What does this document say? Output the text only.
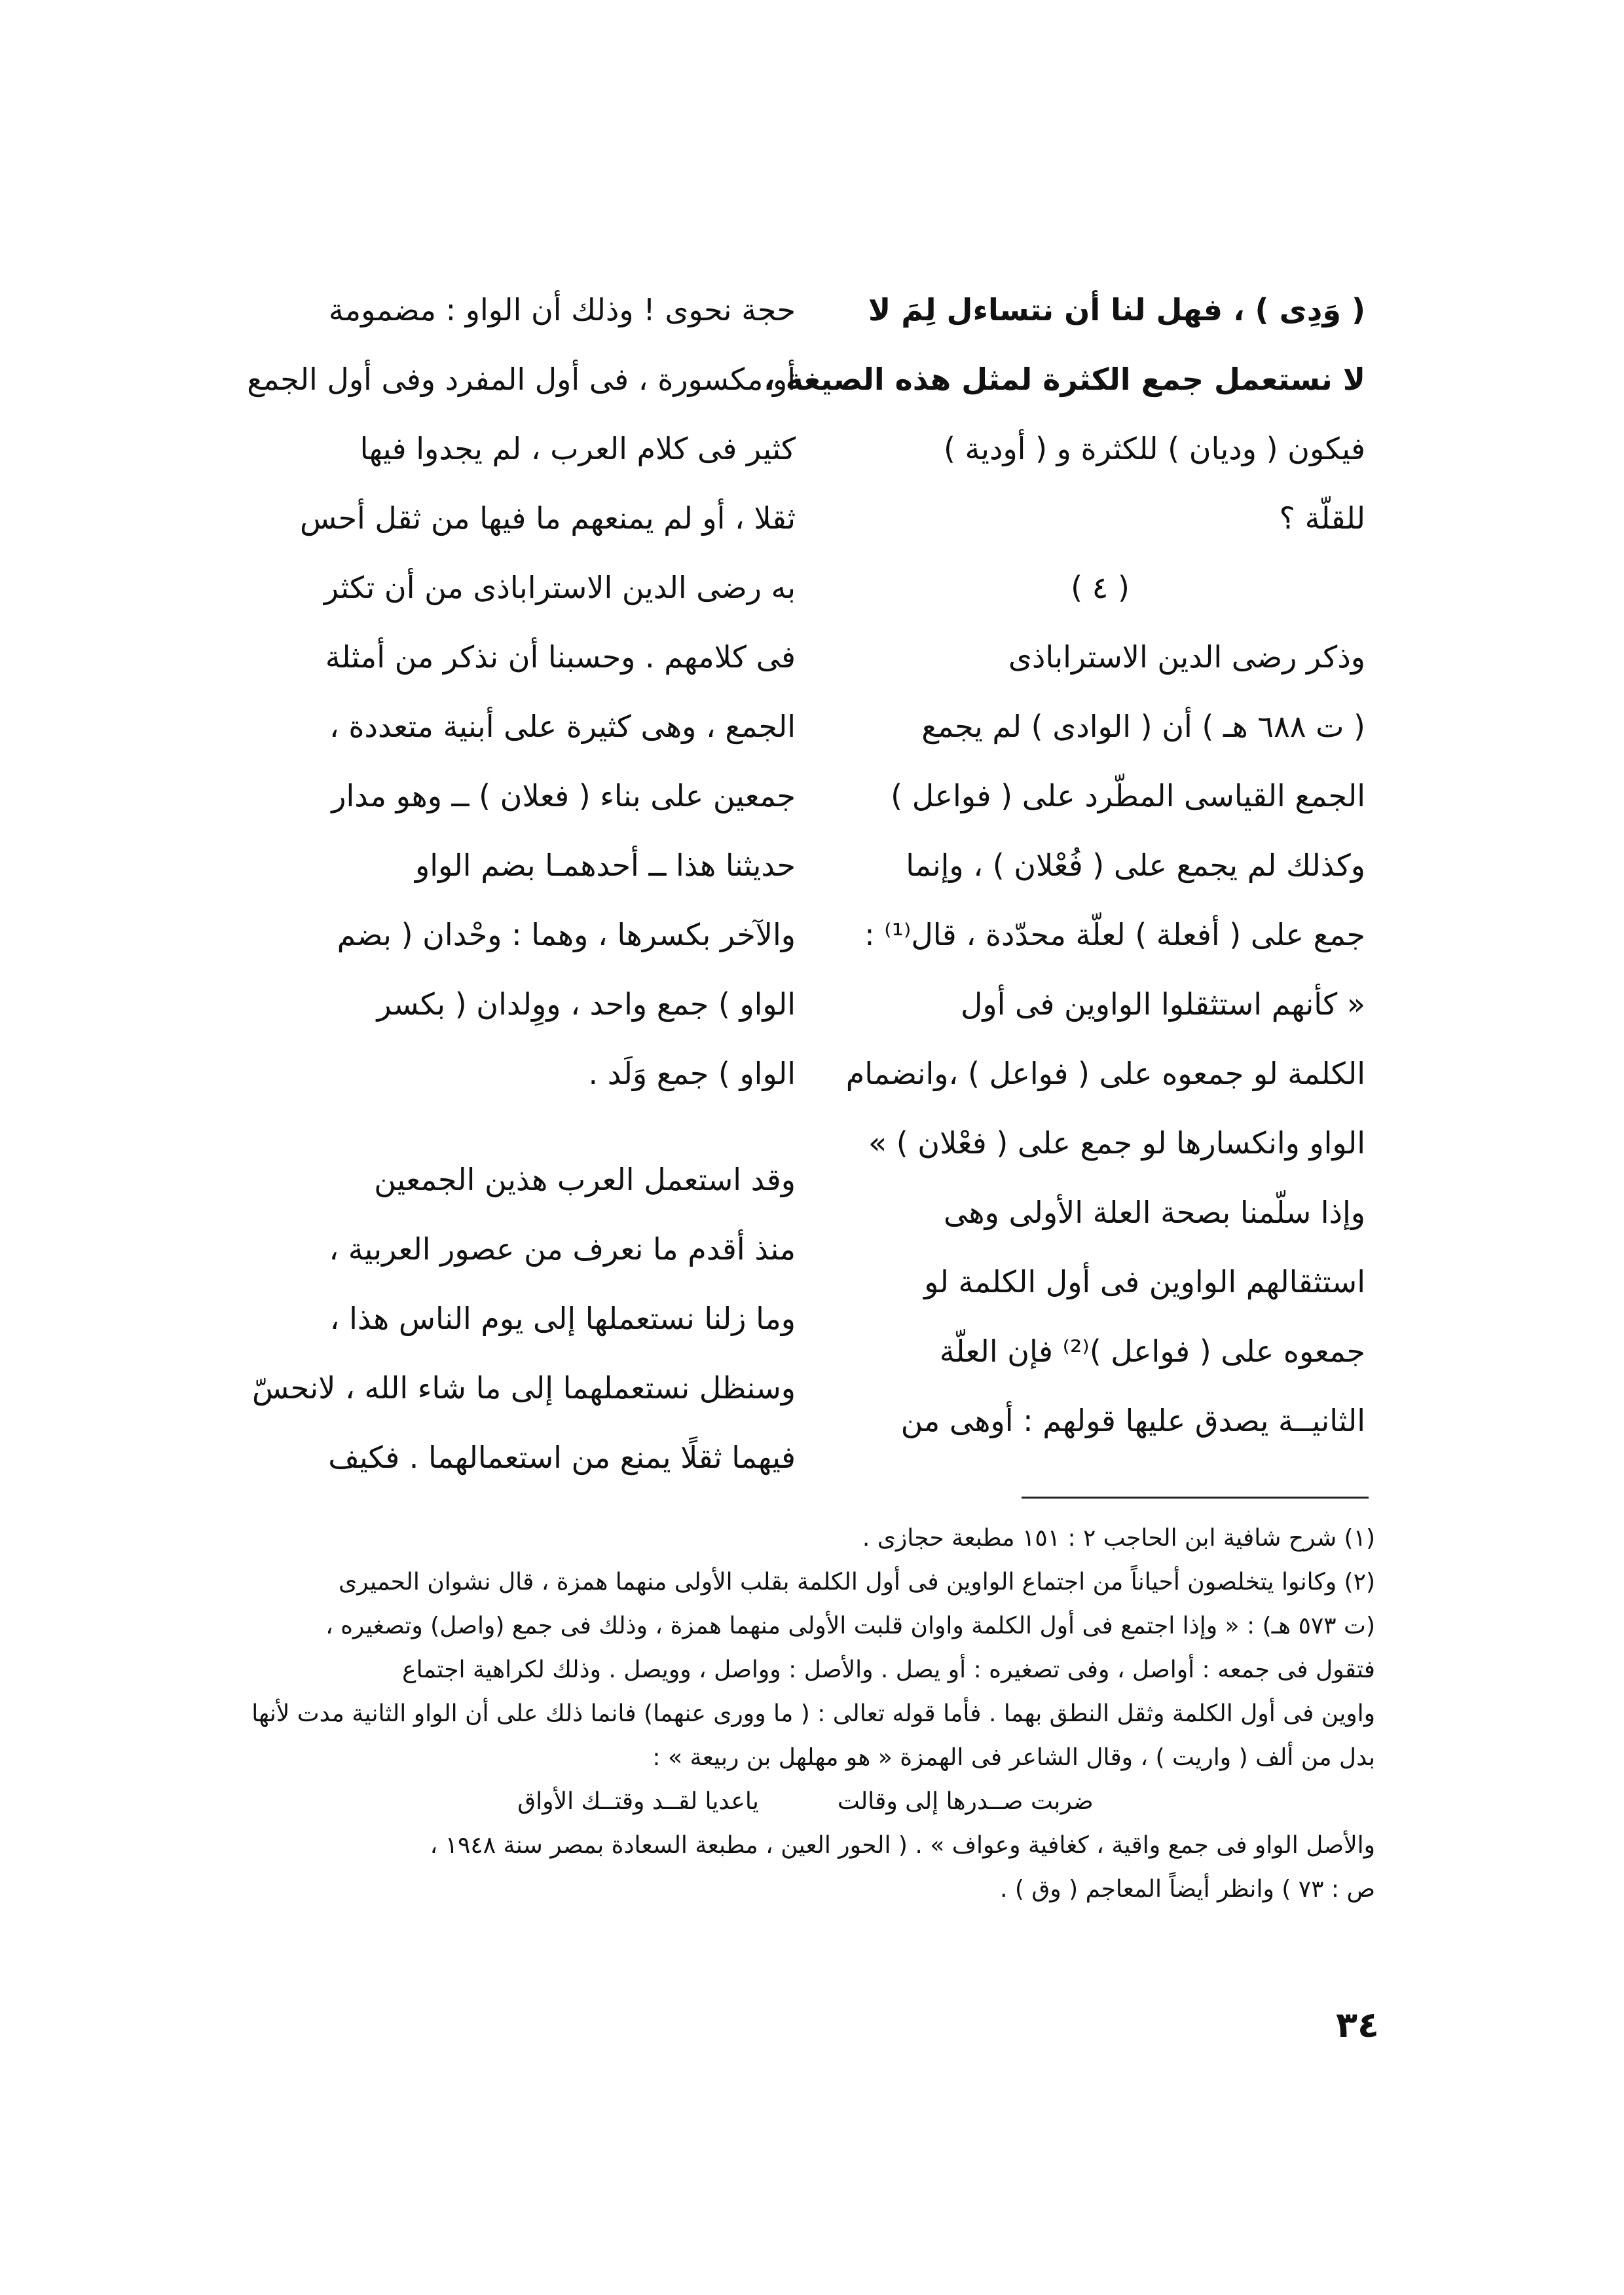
( وَدِى ) ، فهل لنا أن نتساءل لِمَ لا
لا نستعمل جمع الكثرة لمثل هذه الصيغة ،
فيكون ( وديان ) للكثرة و ( أودية )
للقلّة ؟
( ٤ )
وذكر رضى الدين الاستراباذى
( ت ٦٨٨ هـ ) أن ( الوادى ) لم يجمع
الجمع القياسى المطّرد على ( فواعل )
وكذلك لم يجمع على ( فُعْلان ) ، وإنما
جمع على ( أفعلة ) لعلّة محدّدة ، قال⁽¹⁾ :
« كأنهم استثقلوا الواوين فى أول
الكلمة لو جمعوه على ( فواعل ) ،وانضمام
الواو وانكسارها لو جمع على ( فعْلان ) »
وإذا سلّمنا بصحة العلة الأولى وهى
استثقالهم الواوين فى أول الكلمة لو
جمعوه على ( فواعل )⁽²⁾ فإن العلّة
الثانيــة يصدق عليها قولهم : أوهى من
حجة نحوى ! وذلك أن الواو : مضمومة
أو مكسورة ، فى أول المفرد وفى أول الجمع
كثير فى كلام العرب ، لم يجدوا فيها
ثقلا ، أو لم يمنعهم ما فيها من ثقل أحس
به رضى الدين الاستراباذى من أن تكثر
فى كلامهم . وحسبنا أن نذكر من أمثلة
الجمع ، وهى كثيرة على أبنية متعددة ،
جمعين على بناء ( فعلان ) ــ وهو مدار
حديثنا هذا ــ أحدهمـا بضم الواو
والآخر بكسرها ، وهما : وحْدان ( بضم
الواو ) جمع واحد ، ووِلدان ( بكسر
الواو ) جمع وَلَد .
وقد استعمل العرب هذين الجمعين
منذ أقدم ما نعرف من عصور العربية ،
وما زلنا نستعملها إلى يوم الناس هذا ،
وسنظل نستعملهما إلى ما شاء الله ، لانحسّ
فيهما ثقلًا يمنع من استعمالهما . فكيف
(١) شرح شافية ابن الحاجب ٢ : ١٥١ مطبعة حجازى .
(٢) وكانوا يتخلصون أحياناً من اجتماع الواوين فى أول الكلمة بقلب الأولى منهما همزة ، قال نشوان الحميرى
(ت ٥٧٣ هـ) : « وإذا اجتمع فى أول الكلمة واوان قلبت الأولى منهما همزة ، وذلك فى جمع (واصل) وتصغيره ،
فتقول فى جمعه : أواصل ، وفى تصغيره : أو يصل . والأصل : وواصل ، وويصل . وذلك لكراهية اجتماع
واوين فى أول الكلمة وثقل النطق بهما . فأما قوله تعالى : ( ما وورى عنهما) فانما ذلك على أن الواو الثانية مدت لأنها
بدل من ألف ( واريت ) ، وقال الشاعر فى الهمزة « هو مهلهل بن ربيعة » :
ضربت صــدرها إلى وقالت
ياعديا لقــد وقتــك الأواق
والأصل الواو فى جمع واقية ، كغافية وعواف » . ( الحور العين ، مطبعة السعادة بمصر سنة ١٩٤٨ ،
ص : ٧٣ ) وانظر أيضاً المعاجم ( وق ) .
٣٤
